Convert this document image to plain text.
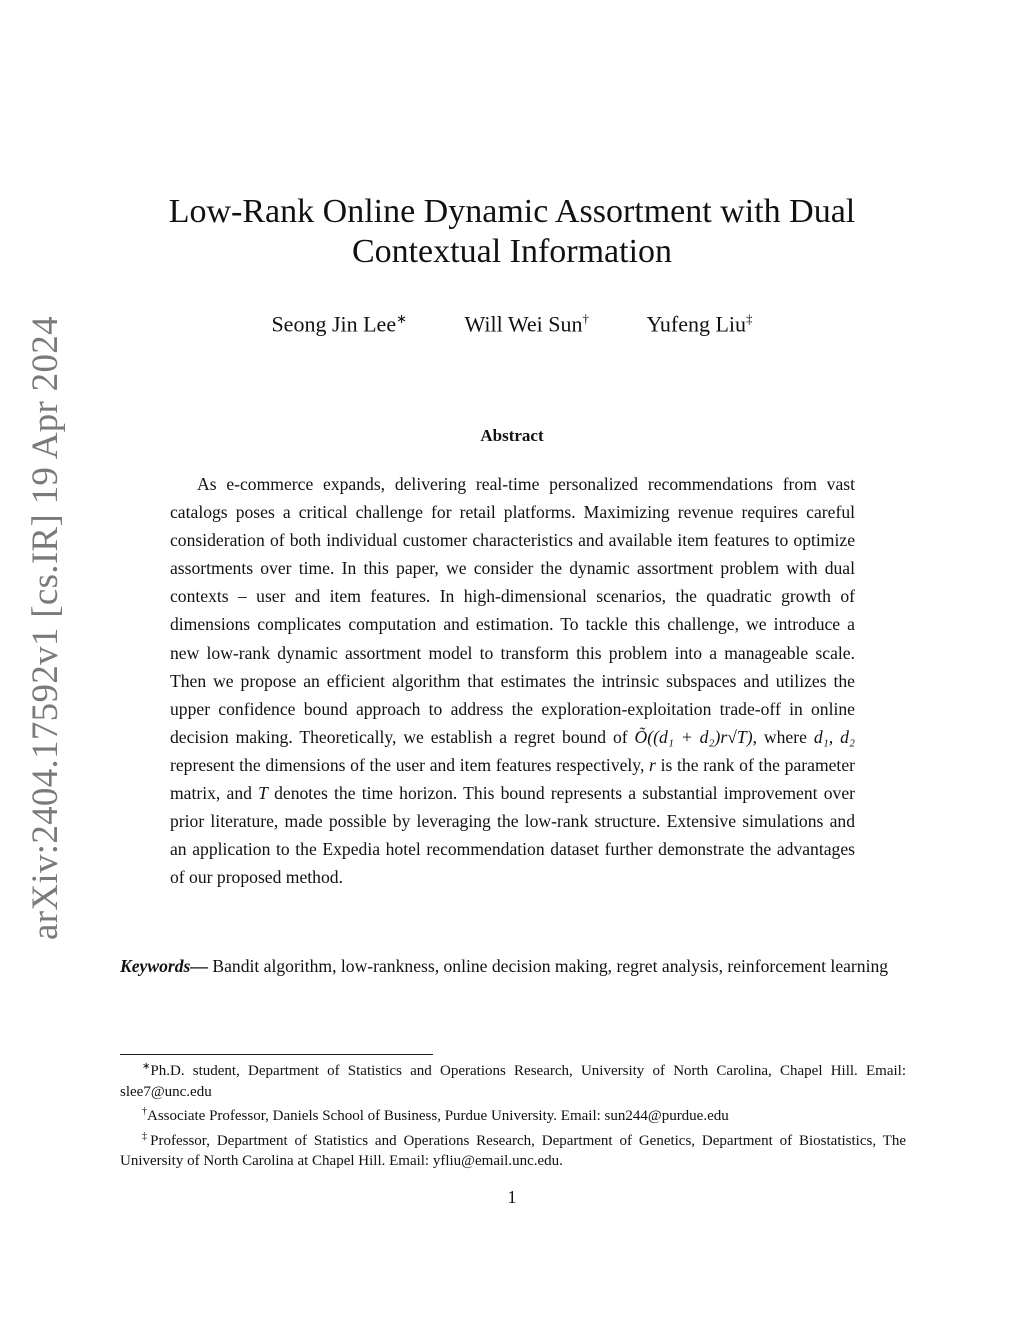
arXiv:2404.17592v1 [cs.IR] 19 Apr 2024
Low-Rank Online Dynamic Assortment with Dual
Contextual Information
Seong Jin Lee∗	Will Wei Sun†	Yufeng Liu‡
Abstract

As e-commerce expands, delivering real-time personalized recommendations from vast catalogs poses a critical challenge for retail platforms. Maximizing revenue requires careful consideration of both individual customer characteristics and available item features to optimize assortments over time. In this paper, we consider the dynamic assortment problem with dual contexts – user and item features. In high-dimensional scenarios, the quadratic growth of dimensions complicates computation and estimation. To tackle this challenge, we introduce a new low-rank dynamic assortment model to transform this problem into a manageable scale. Then we propose an efficient algorithm that estimates the intrinsic subspaces and utilizes the upper confidence bound approach to address the exploration-exploitation trade-off in online decision making. Theoretically, we establish a regret bound of Õ((d₁ + d₂)r√T), where d₁, d₂ represent the dimensions of the user and item features respectively, r is the rank of the parameter matrix, and T denotes the time horizon. This bound represents a substantial improvement over prior literature, made possible by leveraging the low-rank structure. Extensive simulations and an application to the Expedia hotel recommendation dataset further demonstrate the advantages of our proposed method.

Keywords— Bandit algorithm, low-rankness, online decision making, regret analysis, reinforcement learning

∗Ph.D. student, Department of Statistics and Operations Research, University of North Carolina, Chapel Hill. Email: slee7@unc.edu

†Associate Professor, Daniels School of Business, Purdue University. Email: sun244@purdue.edu

‡Professor, Department of Statistics and Operations Research, Department of Genetics, Department of Biostatistics, The University of North Carolina at Chapel Hill. Email: yfliu@email.unc.edu.

1
